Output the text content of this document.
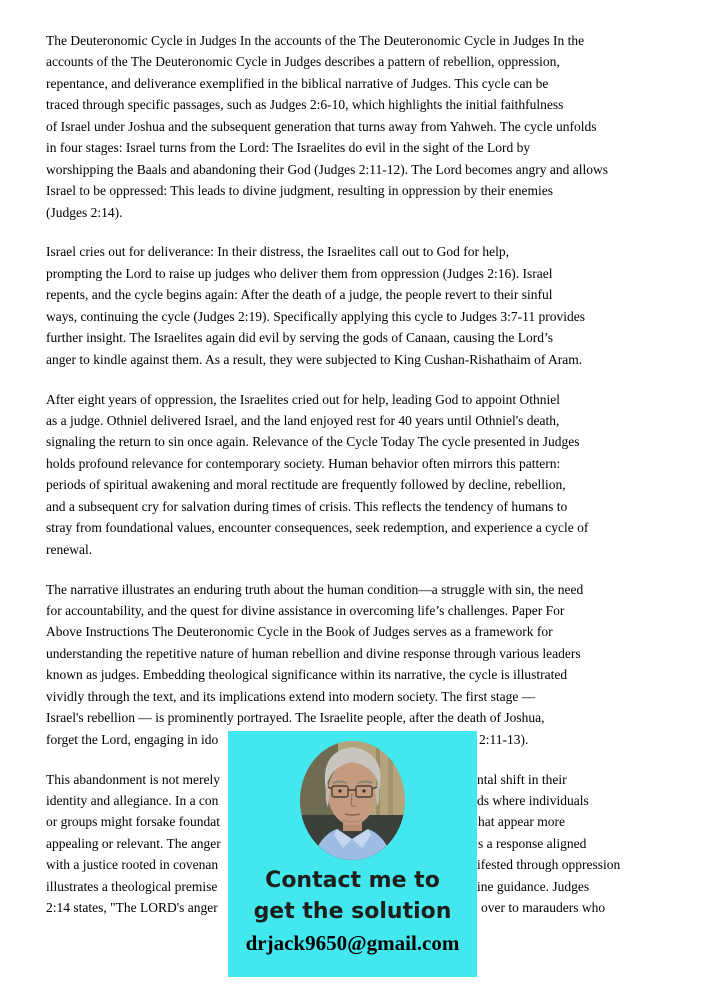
The Deuteronomic Cycle in Judges In the accounts of the The Deuteronomic Cycle in Judges In the
accounts of the The Deuteronomic Cycle in Judges describes a pattern of rebellion, oppression,
repentance, and deliverance exemplified in the biblical narrative of Judges. This cycle can be
traced through specific passages, such as Judges 2:6-10, which highlights the initial faithfulness
of Israel under Joshua and the subsequent generation that turns away from Yahweh. The cycle unfolds
in four stages: Israel turns from the Lord: The Israelites do evil in the sight of the Lord by
worshipping the Baals and abandoning their God (Judges 2:11-12). The Lord becomes angry and allows
Israel to be oppressed: This leads to divine judgment, resulting in oppression by their enemies
(Judges 2:14).
Israel cries out for deliverance: In their distress, the Israelites call out to God for help,
prompting the Lord to raise up judges who deliver them from oppression (Judges 2:16). Israel
repents, and the cycle begins again: After the death of a judge, the people revert to their sinful
ways, continuing the cycle (Judges 2:19). Specifically applying this cycle to Judges 3:7-11 provides
further insight. The Israelites again did evil by serving the gods of Canaan, causing the Lord’s
anger to kindle against them. As a result, they were subjected to King Cushan-Rishathaim of Aram.
After eight years of oppression, the Israelites cried out for help, leading God to appoint Othniel
as a judge. Othniel delivered Israel, and the land enjoyed rest for 40 years until Othniel's death,
signaling the return to sin once again. Relevance of the Cycle Today The cycle presented in Judges
holds profound relevance for contemporary society. Human behavior often mirrors this pattern:
periods of spiritual awakening and moral rectitude are frequently followed by decline, rebellion,
and a subsequent cry for salvation during times of crisis. This reflects the tendency of humans to
stray from foundational values, encounter consequences, seek redemption, and experience a cycle of
renewal.
The narrative illustrates an enduring truth about the human condition—a struggle with sin, the need
for accountability, and the quest for divine assistance in overcoming life’s challenges. Paper For
Above Instructions The Deuteronomic Cycle in the Book of Judges serves as a framework for
understanding the repetitive nature of human rebellion and divine response through various leaders
known as judges. Embedding theological significance within its narrative, the cycle is illustrated
vividly through the text, and its implications extend into modern society. The first stage —
Israel's rebellion — is prominently portrayed. The Israelite people, after the death of Joshua,
forget the Lord, engaging in ido	2:11-13).
This abandonment is not merely	ntal shift in their
identity and allegiance. In a con	ds where individuals
or groups might forsake foundat	hat appear more
appealing or relevant. The anger	s a response aligned
with a justice rooted in covenan	ifested through oppression
illustrates a theological premise	ine guidance. Judges
2:14 states, "The LORD's anger	over to marauders who
Contact me to
get the solution
drjack9650@gmail.com
